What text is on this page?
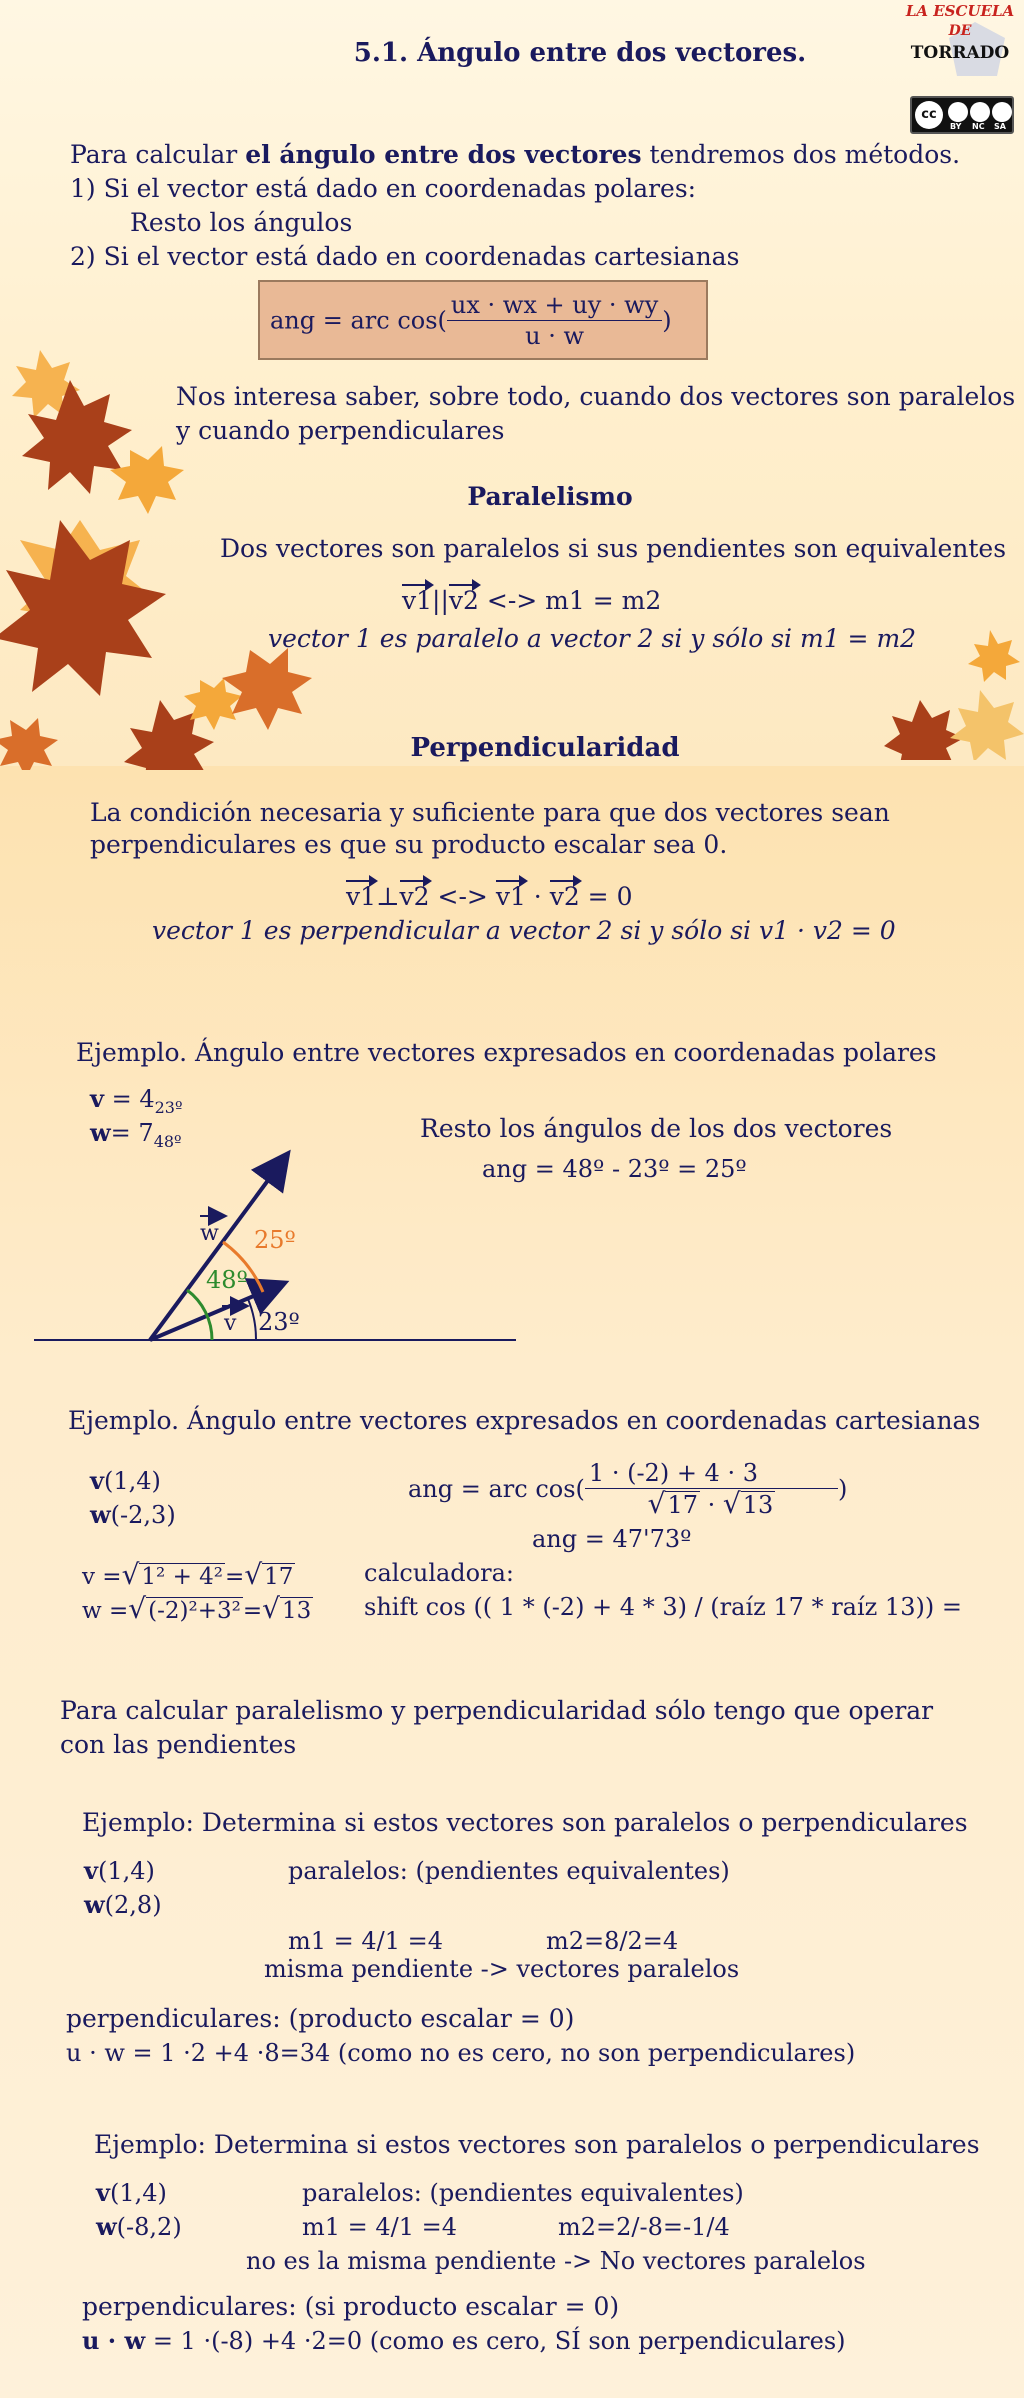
5.1. Ángulo entre dos vectores.
LA ESCUELA
DE
TORRADO
cc
BY NC SA
Para calcular el ángulo entre dos vectores tendremos dos métodos.
1) Si el vector está dado en coordenadas polares:
Resto los ángulos
2) Si el vector está dado en coordenadas cartesianas
ang = arc $\cos( \frac{ux \cdot wx + uy \cdot wy}{u \cdot w}$ )
Nos interesa saber, sobre todo, cuando dos vectores son paralelos
y cuando perpendiculares
Paralelismo
Dos vectores son paralelos si sus pendientes son equivalentes
v1||v2 <-> m1 = m2
vector 1 es paralelo a vector 2 si y sólo si m1 = m2
Perpendicularidad
La condición necesaria y suficiente para que dos vectores sean
perpendiculares es que su producto escalar sea 0.
v1⊥v2 <-> v1 · v2 = 0
vector 1 es perpendicular a vector 2 si y sólo si v1 · v2 = 0
Ejemplo. Ángulo entre vectores expresados en coordenadas polares
$v = 4_{23º}$
$w= 7_{48º}$	Resto los ángulos de los dos vectores
ang = 48º - 23º = 25º
w
v
25º
48º
23º
Ejemplo. Ángulo entre vectores expresados en coordenadas cartesianas
v(1,4)
w(-2,3)
ang = arc $\cos( \frac{1 \cdot (-2) + 4 \cdot 3}{√17 \cdot √13}$ )
ang = 47'73º
v =√1² + 4²=√17
w =√(-2)²+3²=√13
calculadora:
shift cos (( 1 * (-2) + 4 * 3) / (raíz 17 * raíz 13)) =
Para calcular paralelismo y perpendicularidad sólo tengo que operar
con las pendientes
Ejemplo: Determina si estos vectores son paralelos o perpendiculares
v(1,4)
w(2,8)
paralelos: (pendientes equivalentes)
m1 = 4/1 =4	m2=8/2=4
misma pendiente -> vectores paralelos
perpendiculares: (producto escalar = 0)
u · w = 1 ·2 +4 ·8=34 (como no es cero, no son perpendiculares)
Ejemplo: Determina si estos vectores son paralelos o perpendiculares
v(1,4)
w(-8,2)
paralelos: (pendientes equivalentes)
m1 = 4/1 =4	m2=2/-8=-1/4
no es la misma pendiente -> No vectores paralelos
perpendiculares: (si producto escalar = 0)
u · w = 1 ·(-8) +4 ·2=0 (como es cero, SÍ son perpendiculares)
